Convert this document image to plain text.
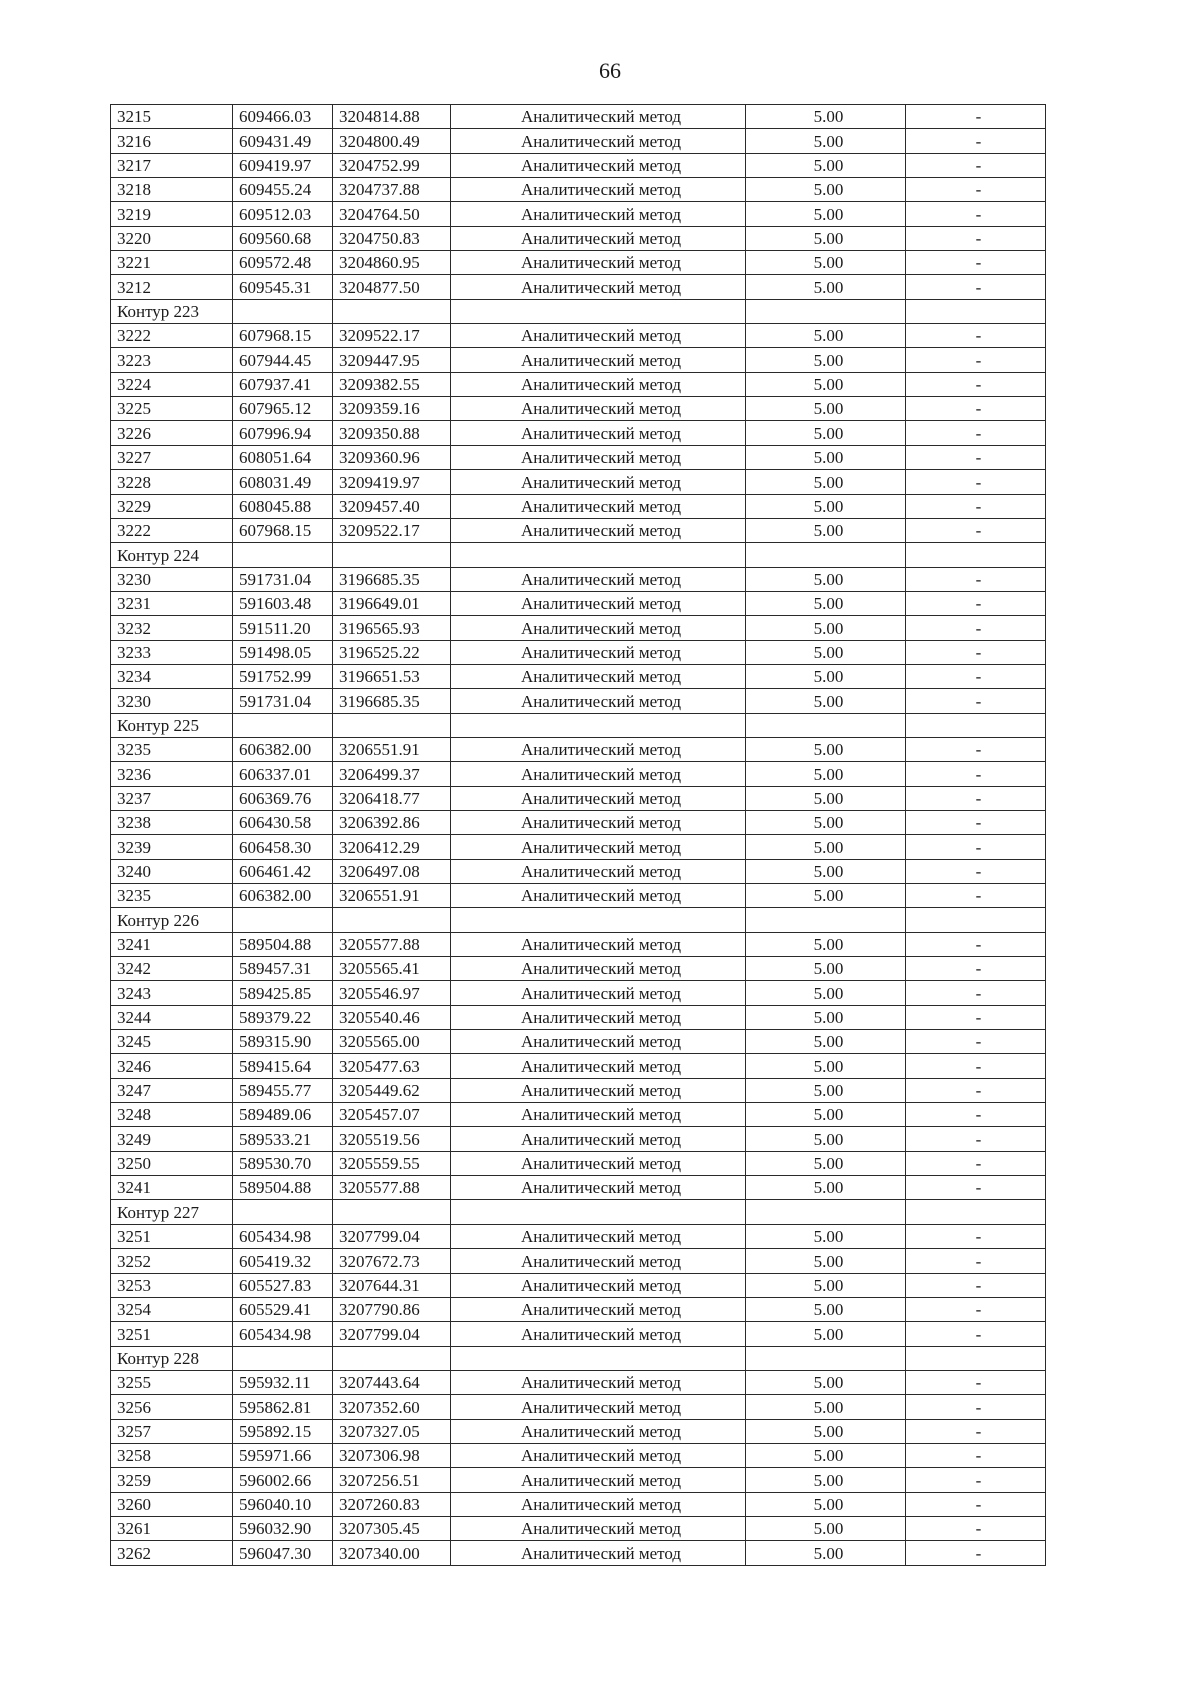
66
3215	609466.03	3204814.88	Аналитический метод	5.00	-
3216	609431.49	3204800.49	Аналитический метод	5.00	-
3217	609419.97	3204752.99	Аналитический метод	5.00	-
3218	609455.24	3204737.88	Аналитический метод	5.00	-
3219	609512.03	3204764.50	Аналитический метод	5.00	-
3220	609560.68	3204750.83	Аналитический метод	5.00	-
3221	609572.48	3204860.95	Аналитический метод	5.00	-
3212	609545.31	3204877.50	Аналитический метод	5.00	-
Контур 223					
3222	607968.15	3209522.17	Аналитический метод	5.00	-
3223	607944.45	3209447.95	Аналитический метод	5.00	-
3224	607937.41	3209382.55	Аналитический метод	5.00	-
3225	607965.12	3209359.16	Аналитический метод	5.00	-
3226	607996.94	3209350.88	Аналитический метод	5.00	-
3227	608051.64	3209360.96	Аналитический метод	5.00	-
3228	608031.49	3209419.97	Аналитический метод	5.00	-
3229	608045.88	3209457.40	Аналитический метод	5.00	-
3222	607968.15	3209522.17	Аналитический метод	5.00	-
Контур 224					
3230	591731.04	3196685.35	Аналитический метод	5.00	-
3231	591603.48	3196649.01	Аналитический метод	5.00	-
3232	591511.20	3196565.93	Аналитический метод	5.00	-
3233	591498.05	3196525.22	Аналитический метод	5.00	-
3234	591752.99	3196651.53	Аналитический метод	5.00	-
3230	591731.04	3196685.35	Аналитический метод	5.00	-
Контур 225					
3235	606382.00	3206551.91	Аналитический метод	5.00	-
3236	606337.01	3206499.37	Аналитический метод	5.00	-
3237	606369.76	3206418.77	Аналитический метод	5.00	-
3238	606430.58	3206392.86	Аналитический метод	5.00	-
3239	606458.30	3206412.29	Аналитический метод	5.00	-
3240	606461.42	3206497.08	Аналитический метод	5.00	-
3235	606382.00	3206551.91	Аналитический метод	5.00	-
Контур 226					
3241	589504.88	3205577.88	Аналитический метод	5.00	-
3242	589457.31	3205565.41	Аналитический метод	5.00	-
3243	589425.85	3205546.97	Аналитический метод	5.00	-
3244	589379.22	3205540.46	Аналитический метод	5.00	-
3245	589315.90	3205565.00	Аналитический метод	5.00	-
3246	589415.64	3205477.63	Аналитический метод	5.00	-
3247	589455.77	3205449.62	Аналитический метод	5.00	-
3248	589489.06	3205457.07	Аналитический метод	5.00	-
3249	589533.21	3205519.56	Аналитический метод	5.00	-
3250	589530.70	3205559.55	Аналитический метод	5.00	-
3241	589504.88	3205577.88	Аналитический метод	5.00	-
Контур 227					
3251	605434.98	3207799.04	Аналитический метод	5.00	-
3252	605419.32	3207672.73	Аналитический метод	5.00	-
3253	605527.83	3207644.31	Аналитический метод	5.00	-
3254	605529.41	3207790.86	Аналитический метод	5.00	-
3251	605434.98	3207799.04	Аналитический метод	5.00	-
Контур 228					
3255	595932.11	3207443.64	Аналитический метод	5.00	-
3256	595862.81	3207352.60	Аналитический метод	5.00	-
3257	595892.15	3207327.05	Аналитический метод	5.00	-
3258	595971.66	3207306.98	Аналитический метод	5.00	-
3259	596002.66	3207256.51	Аналитический метод	5.00	-
3260	596040.10	3207260.83	Аналитический метод	5.00	-
3261	596032.90	3207305.45	Аналитический метод	5.00	-
3262	596047.30	3207340.00	Аналитический метод	5.00	-
